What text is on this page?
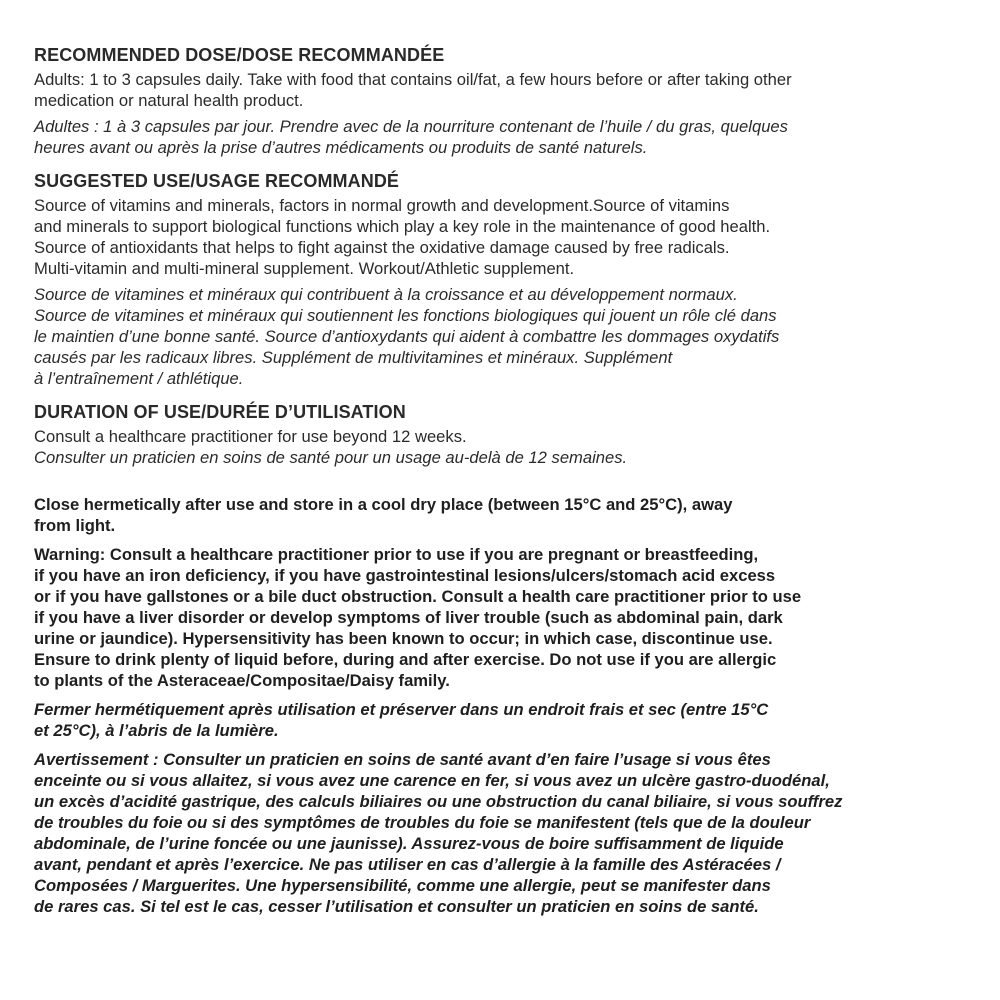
RECOMMENDED DOSE/DOSE RECOMMANDÉE

Adults: 1 to 3 capsules daily. Take with food that contains oil/fat, a few hours before or after taking other
medication or natural health product.

Adultes : 1 à 3 capsules par jour. Prendre avec de la nourriture contenant de l’huile / du gras, quelques
heures avant ou après la prise d’autres médicaments ou produits de santé naturels.

SUGGESTED USE/USAGE RECOMMANDÉ

Source of vitamins and minerals, factors in normal growth and development.Source of vitamins
and minerals to support biological functions which play a key role in the maintenance of good health.
Source of antioxidants that helps to fight against the oxidative damage caused by free radicals.
Multi-vitamin and multi-mineral supplement. Workout/Athletic supplement.

Source de vitamines et minéraux qui contribuent à la croissance et au développement normaux.
Source de vitamines et minéraux qui soutiennent les fonctions biologiques qui jouent un rôle clé dans
le maintien d’une bonne santé. Source d’antioxydants qui aident à combattre les dommages oxydatifs
causés par les radicaux libres. Supplément de multivitamines et minéraux. Supplément
à l’entraînement / athlétique.

DURATION OF USE/DURÉE D’UTILISATION

Consult a healthcare practitioner for use beyond 12 weeks.

Consulter un praticien en soins de santé pour un usage au-delà de 12 semaines.

Close hermetically after use and store in a cool dry place (between 15°C and 25°C), away
from light.

Warning: Consult a healthcare practitioner prior to use if you are pregnant or breastfeeding,
if you have an iron deficiency, if you have gastrointestinal lesions/ulcers/stomach acid excess
or if you have gallstones or a bile duct obstruction. Consult a health care practitioner prior to use
if you have a liver disorder or develop symptoms of liver trouble (such as abdominal pain, dark
urine or jaundice). Hypersensitivity has been known to occur; in which case, discontinue use.
Ensure to drink plenty of liquid before, during and after exercise. Do not use if you are allergic
to plants of the Asteraceae/Compositae/Daisy family.

Fermer hermétiquement après utilisation et préserver dans un endroit frais et sec (entre 15°C
et 25°C), à l’abris de la lumière.

Avertissement : Consulter un praticien en soins de santé avant d’en faire l’usage si vous êtes
enceinte ou si vous allaitez, si vous avez une carence en fer, si vous avez un ulcère gastro-duodénal,
un excès d’acidité gastrique, des calculs biliaires ou une obstruction du canal biliaire, si vous souffrez
de troubles du foie ou si des symptômes de troubles du foie se manifestent (tels que de la douleur
abdominale, de l’urine foncée ou une jaunisse). Assurez-vous de boire suffisamment de liquide
avant, pendant et après l’exercice. Ne pas utiliser en cas d’allergie à la famille des Astéracées /
Composées / Marguerites. Une hypersensibilité, comme une allergie, peut se manifester dans
de rares cas. Si tel est le cas, cesser l’utilisation et consulter un praticien en soins de santé.
